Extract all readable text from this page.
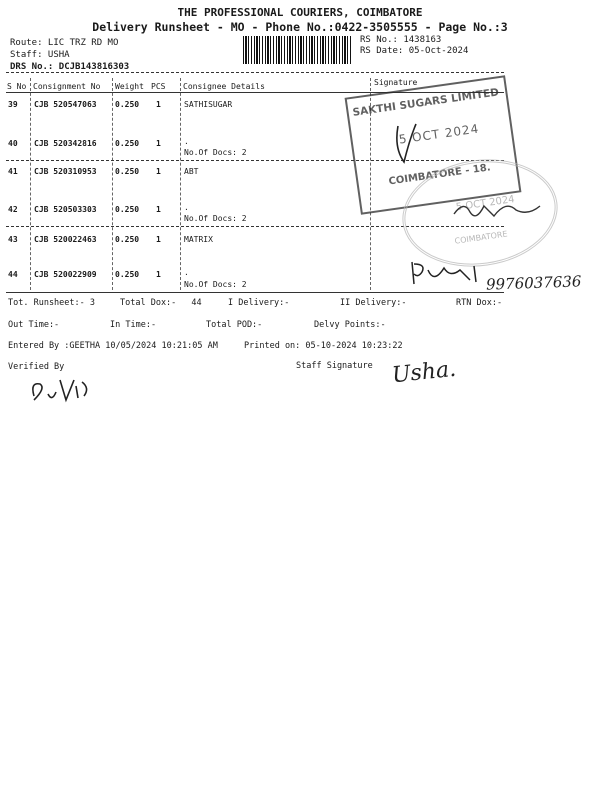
THE PROFESSIONAL COURIERS, COIMBATORE
Delivery Runsheet - MO - Phone No.:0422-3505555 - Page No.:3
Route: LIC TRZ RD MO
Staff: USHA
DRS No.: DCJB143816303
RS No.: 1438163
RS Date: 05-Oct-2024
S No Consignment No Weight PCS Consignee Details	Signature
39 CJB 520547063 0.250 1	SATHISUGAR
40 CJB 520342816 0.250 1	.
No.Of Docs: 2
41 CJB 520310953 0.250 1	ABT
42 CJB 520503303 0.250 1	.
No.Of Docs: 2
43 CJB 520022463 0.250 1	MATRIX
44 CJB 520022909 0.250 1	.
No.Of Docs: 2
SAKTHI SUGARS LIMITED
5 OCT 2024
COIMBATORE - 18.
5 OCT 2024
COIMBATORE
9976037636
Tot. Runsheet:- 3	Total Dox:- 44	I Delivery:-	II Delivery:-	RTN Dox:-
Out Time:-	In Time:-	Total POD:-	Delvy Points:-
Entered By :GEETHA 10/05/2024 10:21:05 AM	Printed on: 05-10-2024 10:23:22
Verified By	Staff Signature Usha.
